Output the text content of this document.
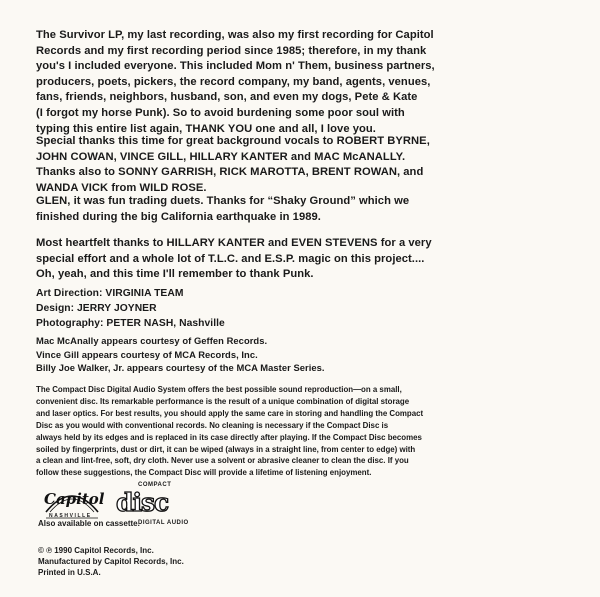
The Survivor LP, my last recording, was also my first recording for Capitol
Records and my first recording period since 1985; therefore, in my thank
you's I included everyone. This included Mom n' Them, business partners,
producers, poets, pickers, the record company, my band, agents, venues,
fans, friends, neighbors, husband, son, and even my dogs, Pete & Kate
(I forgot my horse Punk). So to avoid burdening some poor soul with
typing this entire list again, THANK YOU one and all, I love you.
Special thanks this time for great background vocals to ROBERT BYRNE,
JOHN COWAN, VINCE GILL, HILLARY KANTER and MAC McANALLY.
Thanks also to SONNY GARRISH, RICK MAROTTA, BRENT ROWAN, and
WANDA VICK from WILD ROSE.
GLEN, it was fun trading duets. Thanks for “Shaky Ground” which we
finished during the big California earthquake in 1989.
Most heartfelt thanks to HILLARY KANTER and EVEN STEVENS for a very
special effort and a whole lot of T.L.C. and E.S.P. magic on this project....
Oh, yeah, and this time I'll remember to thank Punk.
Art Direction: VIRGINIA TEAM
Design: JERRY JOYNER
Photography: PETER NASH, Nashville
Mac McAnally appears courtesy of Geffen Records.
Vince Gill appears courtesy of MCA Records, Inc.
Billy Joe Walker, Jr. appears courtesy of the MCA Master Series.
The Compact Disc Digital Audio System offers the best possible sound reproduction—on a small,
convenient disc. Its remarkable performance is the result of a unique combination of digital storage
and laser optics. For best results, you should apply the same care in storing and handling the Compact
Disc as you would with conventional records. No cleaning is necessary if the Compact Disc is
always held by its edges and is replaced in its case directly after playing. If the Compact Disc becomes
soiled by fingerprints, dust or dirt, it can be wiped (always in a straight line, from center to edge) with
a clean and lint-free, soft, dry cloth. Never use a solvent or abrasive cleaner to clean the disc. If you
follow these suggestions, the Compact Disc will provide a lifetime of listening enjoyment.
Capitol
NASHVILLE
COMPACT
disc
DIGITAL AUDIO
Also available on cassette.
© ℗ 1990 Capitol Records, Inc.
Manufactured by Capitol Records, Inc.
Printed in U.S.A.
